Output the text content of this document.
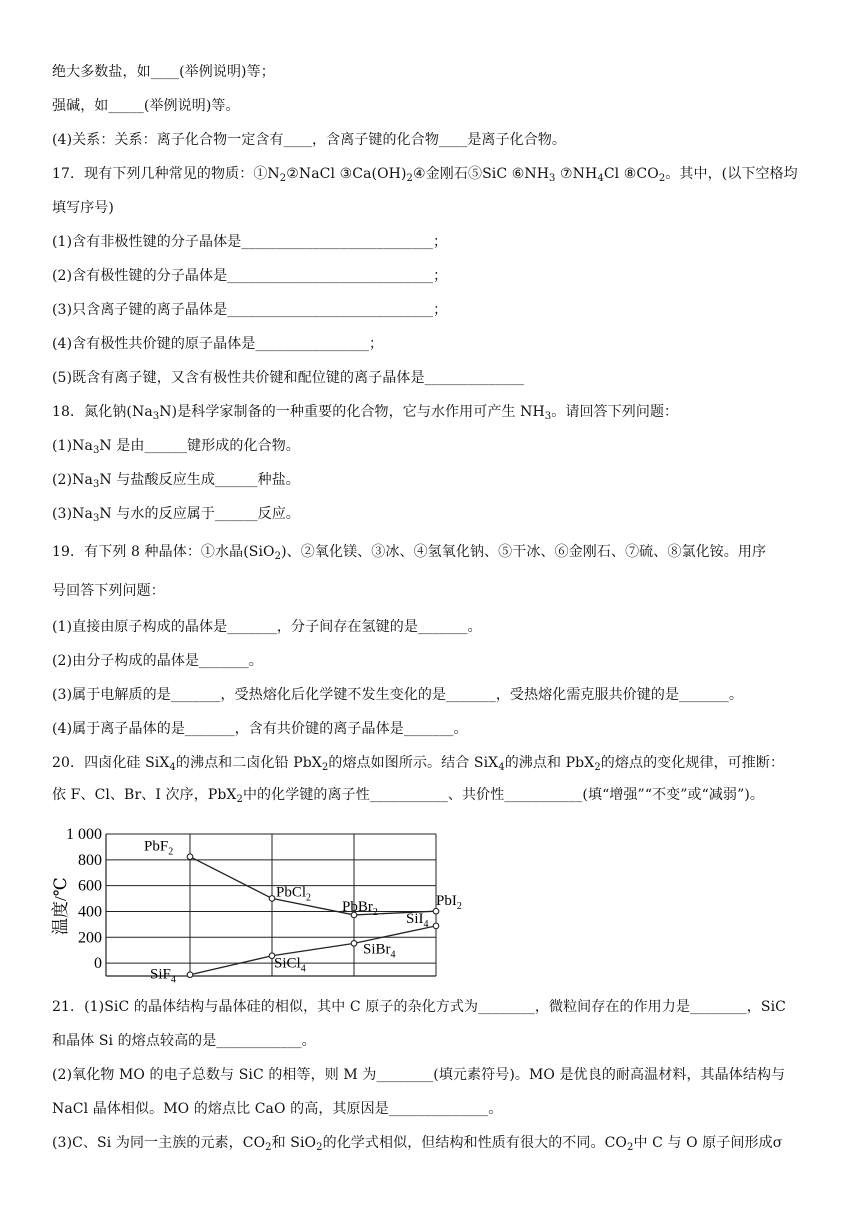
绝大多数盐，如____(举例说明)等；
强碱，如_____(举例说明)等。
(4)关系：关系：离子化合物一定含有____，含离子键的化合物____是离子化合物。
17．现有下列几种常见的物质：$①N_2②NaCl$ $③Ca(OH)_2④$金刚石⑤SiC $⑥NH_3$ $⑦NH_4Cl$ $⑧CO_2$。其中，(以下空格均
填写序号)
(1)含有非极性键的分子晶体是___________________________；
(2)含有极性键的分子晶体是_____________________________；
(3)只含离子键的离子晶体是_____________________________；
(4)含有极性共价键的原子晶体是________________；
(5)既含有离子键，又含有极性共价键和配位键的离子晶体是______________
18．氮化钠$(Na_3N)$是科学家制备的一种重要的化合物，它与水作用可产生 $NH_3$。请回答下列问题：
$(1)Na_3N$ 是由______键形成的化合物。
$(2)Na_3N$ 与盐酸反应生成______种盐。
$(3)Na_3N$ 与水的反应属于______反应。
19．有下列 8 种晶体：①水晶(SiO$_2$)、②氧化镁、③冰、④氢氧化钠、⑤干冰、⑥金刚石、⑦硫、⑧氯化铵。用序
号回答下列问题：
(1)直接由原子构成的晶体是_______，分子间存在氢键的是_______。
(2)由分子构成的晶体是_______。
(3)属于电解质的是_______，受热熔化后化学键不发生变化的是_______，受热熔化需克服共价键的是_______。
(4)属于离子晶体的是_______，含有共价键的离子晶体是_______。
20．四卤化硅 SiX$_4$的沸点和二卤化铅 PbX$_2$的熔点如图所示。结合 SiX$_4$的沸点和 PbX$_2$的熔点的变化规律，可推断：
依 F、Cl、Br、I 次序，PbX$_2$中的化学键的离子性___________、共价性___________(填“增强”“不变”或“减弱”)。
1 000
800
600
400
200
0
温度/℃
PbF$_2$
PbCl$_2$
PbBr$_2$
PbI$_2$
SiF$_4$
SiCl$_4$
SiBr$_4$
SiI$_4$
21．(1)SiC 的晶体结构与晶体硅的相似，其中 C 原子的杂化方式为________，微粒间存在的作用力是________，SiC
和晶体 Si 的熔点较高的是____________。
(2)氧化物 MO 的电子总数与 SiC 的相等，则 M 为________(填元素符号)。MO 是优良的耐高温材料，其晶体结构与
NaCl 晶体相似。MO 的熔点比 CaO 的高，其原因是______________。
(3)C、Si 为同一主族的元素，$CO_2$和 SiO$_2$的化学式相似，但结构和性质有很大的不同。$CO_2$中 C 与 O 原子间形成σ
